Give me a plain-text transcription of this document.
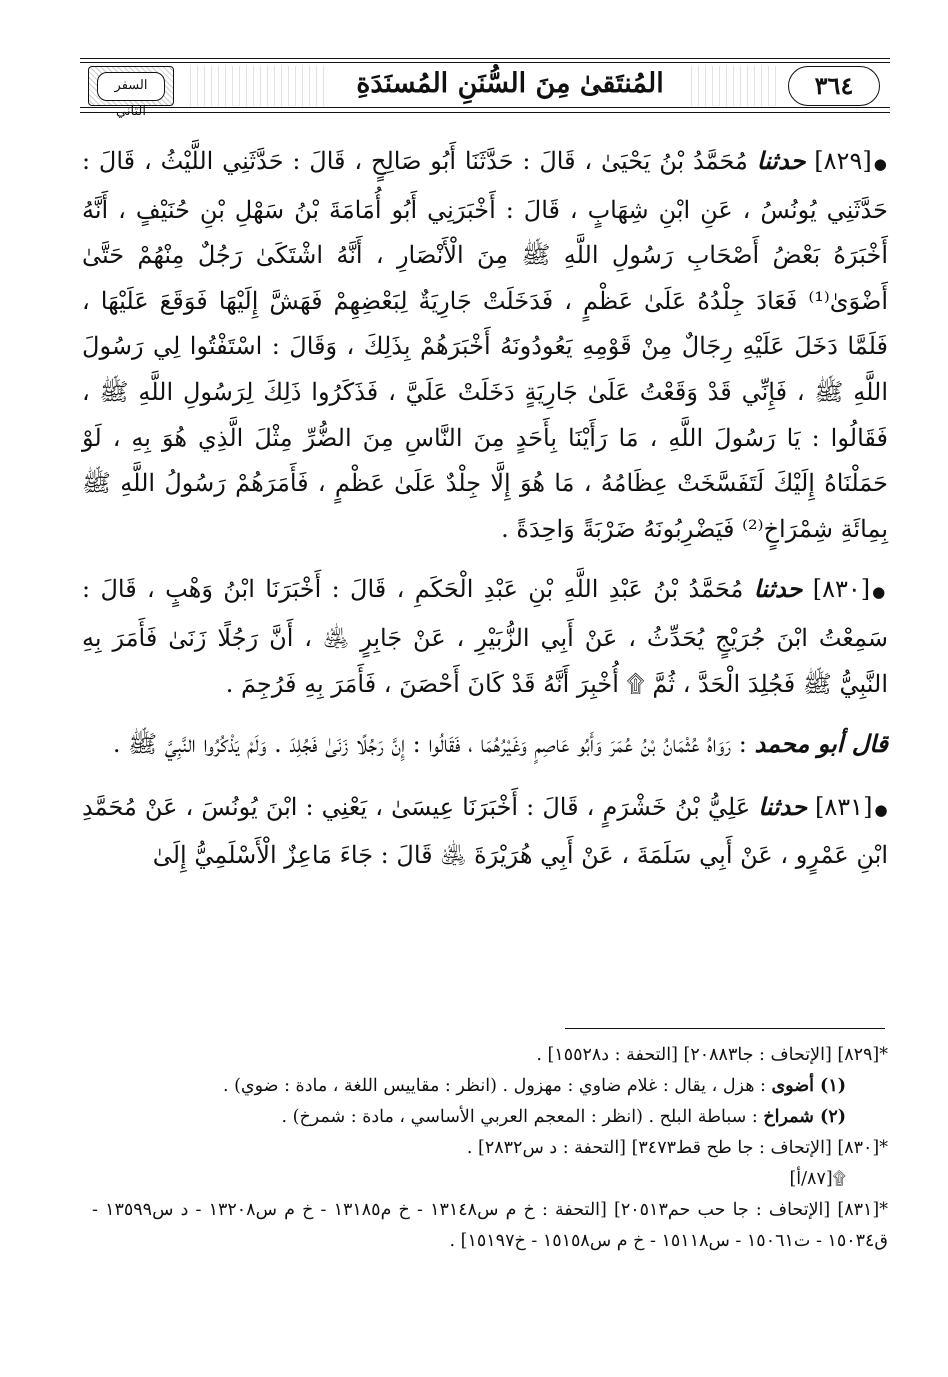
السفر الثاني
المُنتَقىٰ مِنَ السُّنَنِ المُسنَدَةِ	٣٦٤

●[٨٢٩] حدثنا مُحَمَّدُ بْنُ يَحْيَىٰ ، قَالَ : حَدَّثَنَا أَبُو صَالِحٍ ، قَالَ : حَدَّثَنِي اللَّيْثُ ، قَالَ : حَدَّثَنِي يُونُسُ ، عَنِ ابْنِ شِهَابٍ ، قَالَ : أَخْبَرَنِي أَبُو أُمَامَةَ بْنُ سَهْلِ بْنِ حُنَيْفٍ ، أَنَّهُ أَخْبَرَهُ بَعْضُ أَصْحَابِ رَسُولِ اللَّهِ ﷺ مِنَ الْأَنْصَارِ ، أَنَّهُ اشْتَكَىٰ رَجُلٌ مِنْهُمْ حَتَّىٰ أَضْوَىٰ⁽¹⁾ فَعَادَ جِلْدُهُ عَلَىٰ عَظْمٍ ، فَدَخَلَتْ جَارِيَةٌ لِبَعْضِهِمْ فَهَشَّ إِلَيْهَا فَوَقَعَ عَلَيْهَا ، فَلَمَّا دَخَلَ عَلَيْهِ رِجَالٌ مِنْ قَوْمِهِ يَعُودُونَهُ أَخْبَرَهُمْ بِذَلِكَ ، وَقَالَ : اسْتَفْتُوا لِي رَسُولَ اللَّهِ ﷺ ، فَإِنِّي قَدْ وَقَعْتُ عَلَىٰ جَارِيَةٍ دَخَلَتْ عَلَيَّ ، فَذَكَرُوا ذَلِكَ لِرَسُولِ اللَّهِ ﷺ ، فَقَالُوا : يَا رَسُولَ اللَّهِ ، مَا رَأَيْنَا بِأَحَدٍ مِنَ النَّاسِ مِنَ الضُّرِّ مِثْلَ الَّذِي هُوَ بِهِ ، لَوْ حَمَلْنَاهُ إِلَيْكَ لَتَفَسَّخَتْ عِظَامُهُ ، مَا هُوَ إِلَّا جِلْدٌ عَلَىٰ عَظْمٍ ، فَأَمَرَهُمْ رَسُولُ اللَّهِ ﷺ بِمِائَةِ شِمْرَاخٍ⁽²⁾ فَيَضْرِبُونَهُ ضَرْبَةً وَاحِدَةً .

●[٨٣٠] حدثنا مُحَمَّدُ بْنُ عَبْدِ اللَّهِ بْنِ عَبْدِ الْحَكَمِ ، قَالَ : أَخْبَرَنَا ابْنُ وَهْبٍ ، قَالَ : سَمِعْتُ ابْنَ جُرَيْجٍ يُحَدِّثُ ، عَنْ أَبِي الزُّبَيْرِ ، عَنْ جَابِرٍ ﵁ ، أَنَّ رَجُلًا زَنَىٰ فَأَمَرَ بِهِ النَّبِيُّ ﷺ فَجُلِدَ الْحَدَّ ، ثُمَّ ۩ أُخْبِرَ أَنَّهُ قَدْ كَانَ أَحْصَنَ ، فَأَمَرَ بِهِ فَرُجِمَ .

قال أبو محمد : رَوَاهُ عُثْمَانُ بْنُ عُمَرَ وَأَبُو عَاصِمٍ وَغَيْرُهُمَا ، فَقَالُوا : إِنَّ رَجُلًا زَنَىٰ فَجُلِدَ . وَلَمْ يَذْكُرُوا النَّبِيَّ ﷺ .

●[٨٣١] حدثنا عَلِيُّ بْنُ خَشْرَمٍ ، قَالَ : أَخْبَرَنَا عِيسَىٰ ، يَعْنِي : ابْنَ يُونُسَ ، عَنْ مُحَمَّدِ ابْنِ عَمْرٍو ، عَنْ أَبِي سَلَمَةَ ، عَنْ أَبِي هُرَيْرَةَ ﵁ قَالَ : جَاءَ مَاعِزٌ الْأَسْلَمِيُّ إِلَىٰ

*[٨٢٩] [الإتحاف : جا٢٠٨٨٣] [التحفة : د١٥٥٢٨] .

(١) أضوى : هزل ، يقال : غلام ضاوي : مهزول . (انظر : مقاييس اللغة ، مادة : ضوي) .

(٢) شمراخ : سباطة البلح . (انظر : المعجم العربي الأساسي ، مادة : شمرخ) .

*[٨٣٠] [الإتحاف : جا طح قط٣٤٧٣] [التحفة : د س٢٨٣٢] .

۩[٨٧/أ]

*[٨٣١] [الإتحاف : جا حب حم٢٠٥١٣] [التحفة : خ م س١٣١٤٨ - خ م١٣١٨٥ - خ م س١٣٢٠٨ - د س١٣٥٩٩ - ق١٥٠٣٤ - ت١٥٠٦١ - س١٥١١٨ - خ م س١٥١٥٨ - خ١٥١٩٧] .
